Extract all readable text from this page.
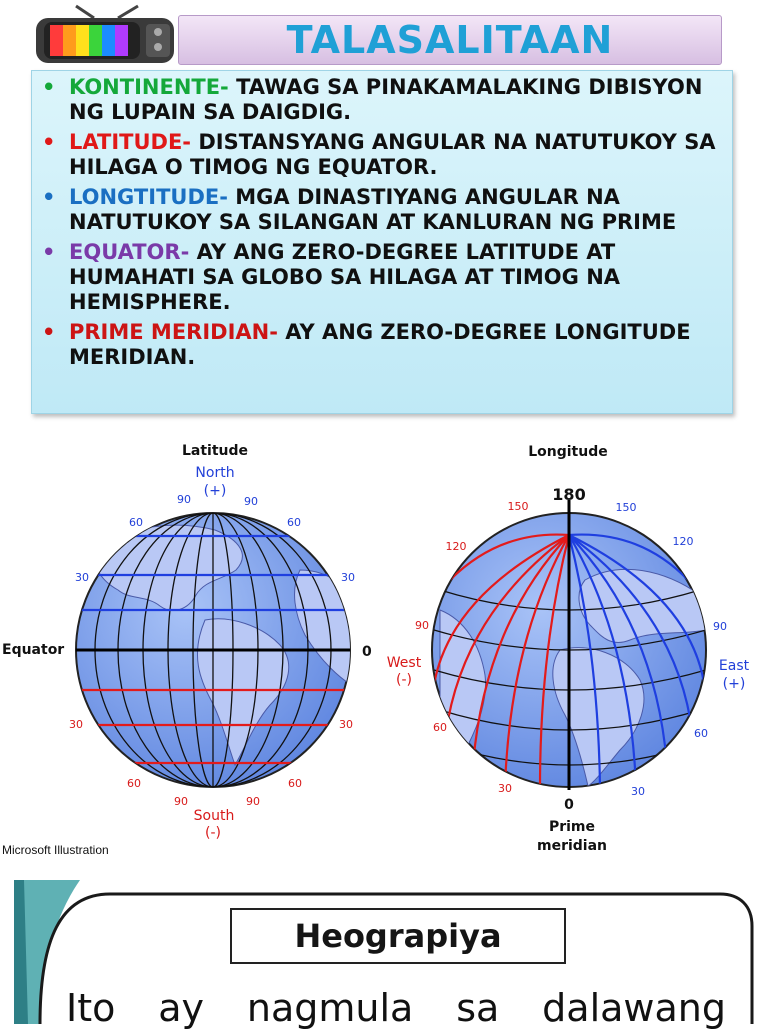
TALASALITAAN
• KONTINENTE- TAWAG SA PINAKAMALAKING DIBISYON NG LUPAIN SA DAIGDIG.
• LATITUDE- DISTANSYANG ANGULAR NA NATUTUKOY SA HILAGA O TIMOG NG EQUATOR.
• LONGTITUDE- MGA DINASTIYANG ANGULAR NA NATUTUKOY SA SILANGAN AT KANLURAN NG PRIME
• EQUATOR- AY ANG ZERO-DEGREE LATITUDE AT HUMAHATI SA GLOBO SA HILAGA AT TIMOG NA HEMISPHERE.
• PRIME MERIDIAN- AY ANG ZERO-DEGREE LONGITUDE MERIDIAN.
Latitude
North
(+)
90	90
60	60
30	30
Equator	0
30	30
60	60
90	90
South
(-)
Longitude
180
150
120
90
60
30
150
120
90
60
30
West
(-)
East
(+)
0
Prime
meridian
Microsoft Illustration
Heograpiya
Ito ay nagmula sa dalawang
